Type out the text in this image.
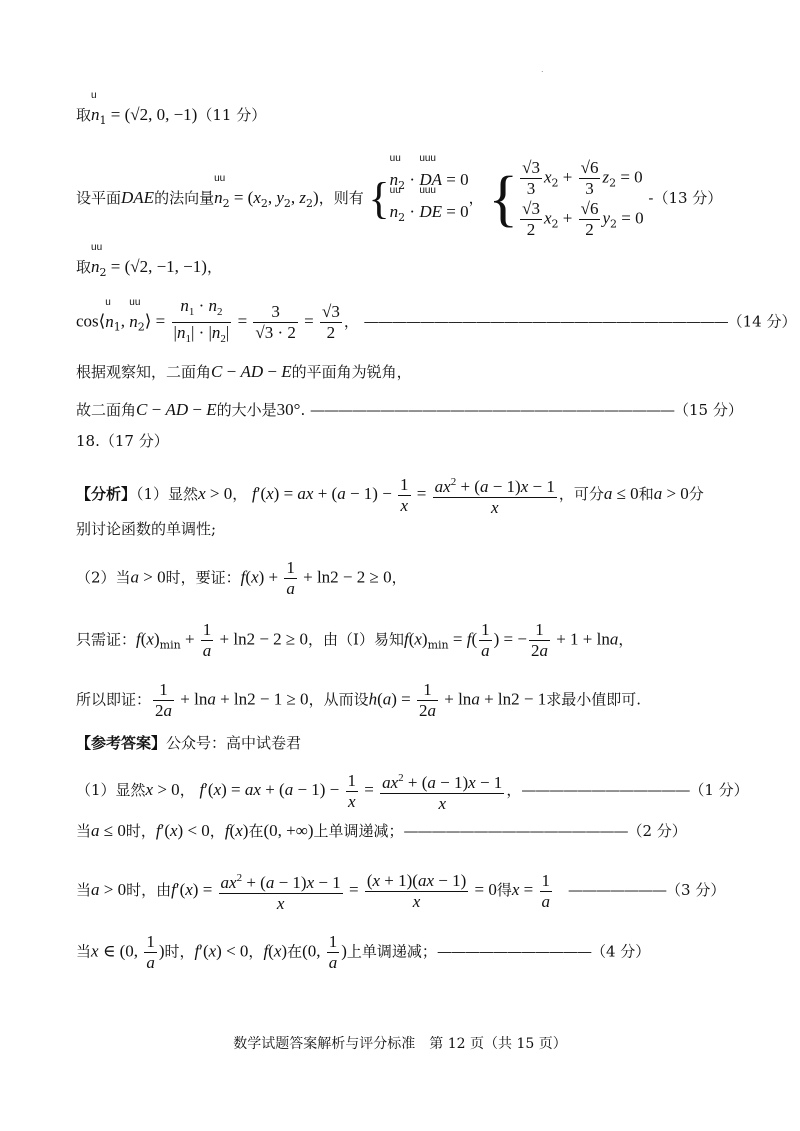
.
取u $n_1 = (√2$, 0, −1)（11 分）
设平面DAE的法向量uu $n_2 = (x_2$, $y_2$, $z_2$)，则有 {
uu $n_2$ · uuu DA = 0
uu $n_2$ · uuu DE = 0
， { $\frac{√3}{3} x_2 + \frac{√6}{3} z_2 = 0$
$\frac{√3}{2} x_2 + \frac{√6}{2} y_2 = 0$
-（13 分）
取uu $n_2 = (√2$, −1, −1)，
cos⟨u $n_1$, uu $n_2⟩ = \frac{n_1 \cdot n_2}{|n_1| \cdot |n_2|} = \frac{3}{√3 \cdot 2} = \frac{√3}{2}$ ， ——————————————————————————（14 分）
根据观察知，二面角C − AD − E的平面角为锐角，
故二面角C − AD − E的大小是30°. ——————————————————————————（15 分）
18.（17 分）
【分析】（1）显然x > 0， f′(x) = ax + $(a - 1) - \frac{1}{x} = \frac{ax^2 + (a - 1)x - 1}{x}$ ，可分a ≤ 0和a > 0分
别讨论函数的单调性;
（2）当a > 0时，要证：$f(x) + \frac{1}{a} + \ln 2 - 2 \ge 0$，
只需证：$f(x)_{min} + \frac{1}{a} + \ln 2 - 2 \ge 0$，由（I）易知$f(x)_{min} = f( \frac{1}{a}$ ) = − $\frac{1}{2a} + 1 + \ln a$，
所以即证： $\frac{1}{2a} + \ln a + \ln 2 - 1 \ge 0$，从而设$h(a) = \frac{1}{2a} + \ln a + \ln 2 - 1$求最小值即可.
【参考答案】公众号：高中试卷君
（1）显然x > 0， f′(x) = ax + $(a - 1) - \frac{1}{x} = \frac{ax^2 + (a - 1)x - 1}{x}$ ，————————————（1 分）
当a ≤ 0时，f′(x) < 0，f(x)在(0, +∞)上单调递减；————————————————（2 分）
当a > 0时，由$f'(x) = \frac{ax^2 + (a - 1)x - 1}{x} = \frac{(x + 1)(ax - 1)}{x} = 0$得$x = \frac{1}{a}$ 　———————（3 分）
当x ∈ (0, $\frac{1}{a}$ )时，f′(x) < 0，f(x)在(0, $\frac{1}{a}$ )上单调递减；———————————（4 分）
数学试题答案解析与评分标准　第 12 页（共 15 页）
